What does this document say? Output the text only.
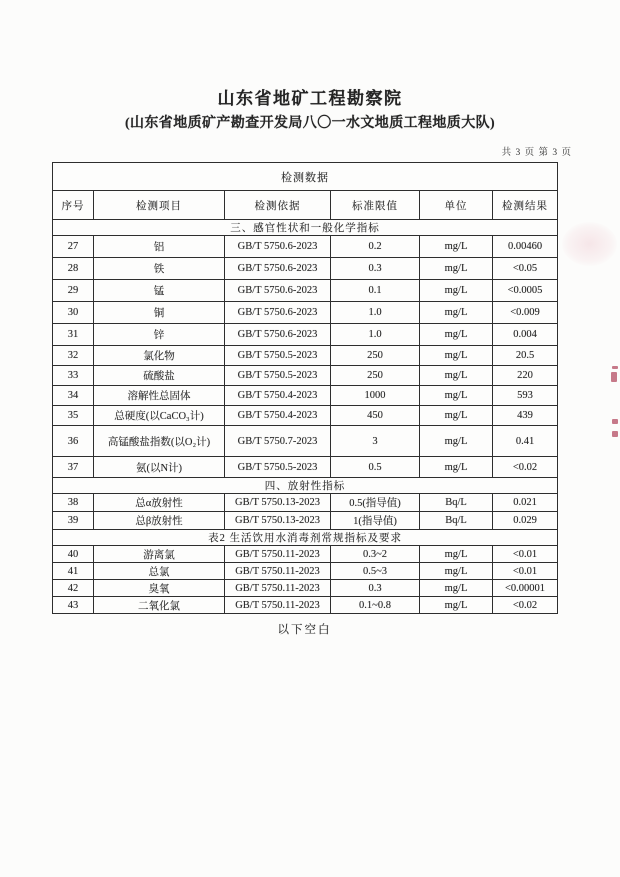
山东省地矿工程勘察院
(山东省地质矿产勘查开发局八〇一水文地质工程地质大队)
共 3 页 第 3 页
检测数据					
序号	检测项目	检测依据	标准限值	单位	检测结果
三、感官性状和一般化学指标					
27	铝	GB/T 5750.6-2023	0.2	mg/L	0.00460
28	铁	GB/T 5750.6-2023	0.3	mg/L	<0.05
29	锰	GB/T 5750.6-2023	0.1	mg/L	<0.0005
30	铜	GB/T 5750.6-2023	1.0	mg/L	<0.009
31	锌	GB/T 5750.6-2023	1.0	mg/L	0.004
32	氯化物	GB/T 5750.5-2023	250	mg/L	20.5
33	硫酸盐	GB/T 5750.5-2023	250	mg/L	220
34	溶解性总固体	GB/T 5750.4-2023	1000	mg/L	593
35	总硬度(以CaCO₃计)	GB/T 5750.4-2023	450	mg/L	439
36	高锰酸盐指数(以O₂计)	GB/T 5750.7-2023	3	mg/L	0.41
37	氨(以N计)	GB/T 5750.5-2023	0.5	mg/L	<0.02
四、放射性指标					
38	总α放射性	GB/T 5750.13-2023	0.5(指导值)	Bq/L	0.021
39	总β放射性	GB/T 5750.13-2023	1(指导值)	Bq/L	0.029
表2 生活饮用水消毒剂常规指标及要求					
40	游离氯	GB/T 5750.11-2023	0.3~2	mg/L	<0.01
41	总氯	GB/T 5750.11-2023	0.5~3	mg/L	<0.01
42	臭氧	GB/T 5750.11-2023	0.3	mg/L	<0.00001
43	二氧化氯	GB/T 5750.11-2023	0.1~0.8	mg/L	<0.02
以下空白
